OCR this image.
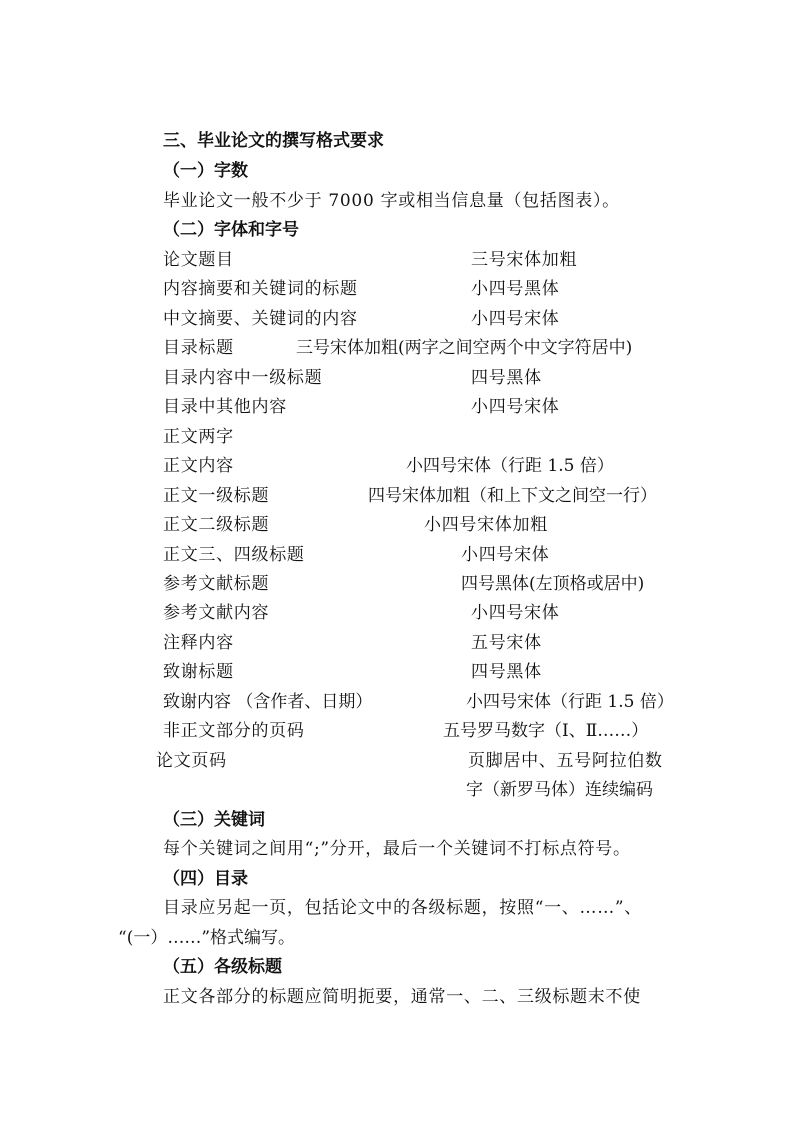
三、毕业论文的撰写格式要求
（一）字数
毕业论文一般不少于 7000 字或相当信息量（包括图表）。
（二）字体和字号
论文题目	三号宋体加粗
内容摘要和关键词的标题	小四号黑体
中文摘要、关键词的内容	小四号宋体
目录标题	三号宋体加粗(两字之间空两个中文字符居中)
目录内容中一级标题	四号黑体
目录中其他内容	小四号宋体
正文两字
正文内容	小四号宋体（行距 1.5 倍）
正文一级标题	四号宋体加粗（和上下文之间空一行）
正文二级标题	小四号宋体加粗
正文三、四级标题	小四号宋体
参考文献标题	四号黑体(左顶格或居中)
参考文献内容	小四号宋体
注释内容	五号宋体
致谢标题	四号黑体
致谢内容 （含作者、日期）	小四号宋体（行距 1.5 倍）
非正文部分的页码	五号罗马数字（Ⅰ、Ⅱ……）
论文页码	页脚居中、五号阿拉伯数
字（新罗马体）连续编码
（三）关键词
每个关键词之间用“;”分开，最后一个关键词不打标点符号。
（四）目录
目录应另起一页，包括论文中的各级标题，按照“一、……”、
“(一）……”格式编写。
（五）各级标题
正文各部分的标题应简明扼要，通常一、二、三级标题末不使
